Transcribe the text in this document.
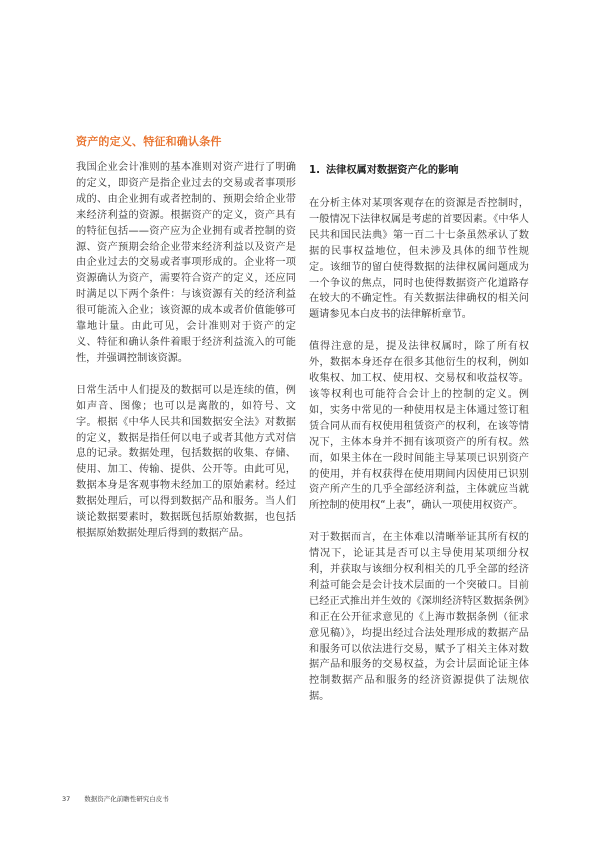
资产的定义、特征和确认条件

我国企业会计准则的基本准则对资产进行了明确的定义，即资产是指企业过去的交易或者事项形成的、由企业拥有或者控制的、预期会给企业带来经济利益的资源。根据资产的定义，资产具有的特征包括——资产应为企业拥有或者控制的资源、资产预期会给企业带来经济利益以及资产是由企业过去的交易或者事项形成的。企业将一项资源确认为资产，需要符合资产的定义，还应同时满足以下两个条件：与该资源有关的经济利益很可能流入企业；该资源的成本或者价值能够可靠地计量。由此可见，会计准则对于资产的定义、特征和确认条件着眼于经济利益流入的可能性，并强调控制该资源。

日常生活中人们提及的数据可以是连续的值，例如声音、图像；也可以是离散的，如符号、文字。根据《中华人民共和国数据安全法》对数据的定义，数据是指任何以电子或者其他方式对信息的记录。数据处理，包括数据的收集、存储、使用、加工、传输、提供、公开等。由此可见，数据本身是客观事物未经加工的原始素材。经过数据处理后，可以得到数据产品和服务。当人们谈论数据要素时，数据既包括原始数据，也包括根据原始数据处理后得到的数据产品。

1. 法律权属对数据资产化的影响

在分析主体对某项客观存在的资源是否控制时，一般情况下法律权属是考虑的首要因素。《中华人民共和国民法典》第一百二十七条虽然承认了数据的民事权益地位，但未涉及具体的细节性规定。该细节的留白使得数据的法律权属问题成为一个争议的焦点，同时也使得数据资产化道路存在较大的不确定性。有关数据法律确权的相关问题请参见本白皮书的法律解析章节。

值得注意的是，提及法律权属时，除了所有权外，数据本身还存在很多其他衍生的权利，例如收集权、加工权、使用权、交易权和收益权等。该等权利也可能符合会计上的控制的定义。例如，实务中常见的一种使用权是主体通过签订租赁合同从而有权使用租赁资产的权利，在该等情况下，主体本身并不拥有该项资产的所有权。然而，如果主体在一段时间能主导某项已识别资产的使用，并有权获得在使用期间内因使用已识别资产所产生的几乎全部经济利益，主体就应当就所控制的使用权“上表”，确认一项使用权资产。

对于数据而言，在主体难以清晰举证其所有权的情况下，论证其是否可以主导使用某项细分权利，并获取与该细分权利相关的几乎全部的经济利益可能会是会计技术层面的一个突破口。目前已经正式推出并生效的《深圳经济特区数据条例》和正在公开征求意见的《上海市数据条例（征求意见稿）》，均提出经过合法处理形成的数据产品和服务可以依法进行交易，赋予了相关主体对数据产品和服务的交易权益，为会计层面论证主体控制数据产品和服务的经济资源提供了法规依据。

37 数据资产化前瞻性研究白皮书
